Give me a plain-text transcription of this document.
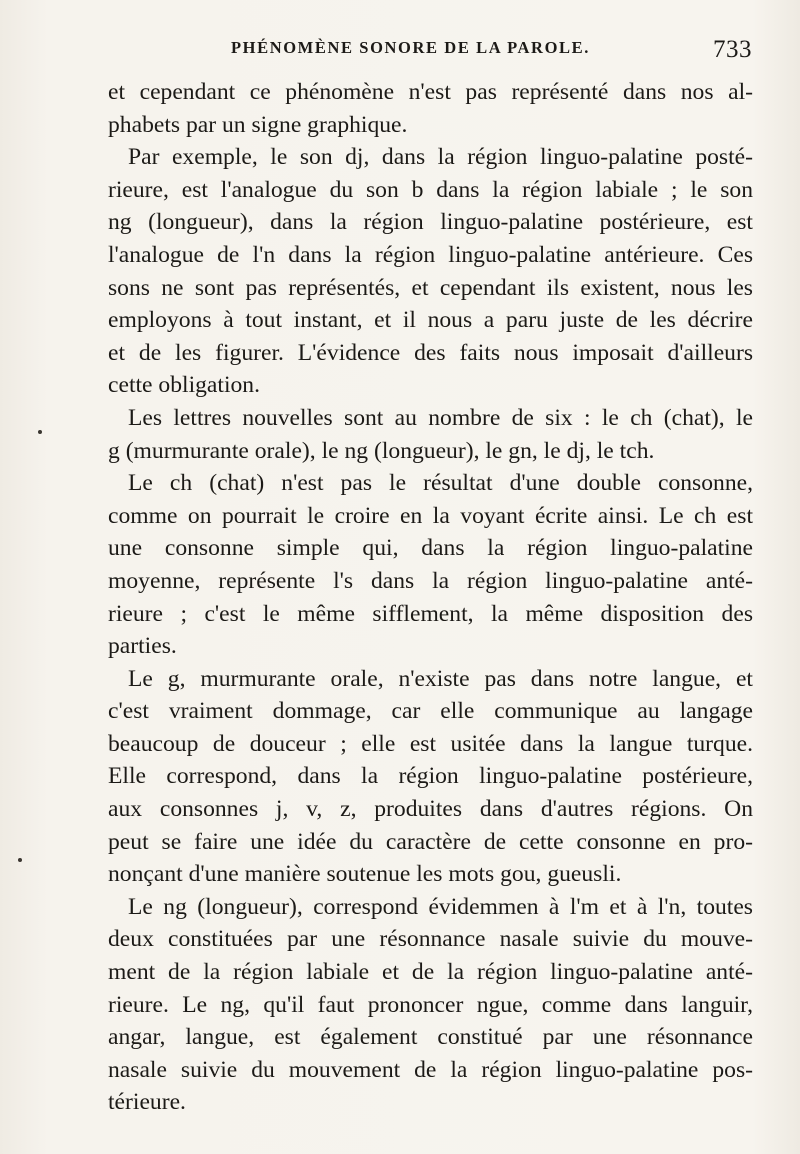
PHÉNOMÈNE SONORE DE LA PAROLE.	733
et cependant ce phénomène n'est pas représenté dans nos al-
phabets par un signe graphique.
Par exemple, le son dj, dans la région linguo-palatine posté-
rieure, est l'analogue du son b dans la région labiale ; le son
ng (longueur), dans la région linguo-palatine postérieure, est
l'analogue de l'n dans la région linguo-palatine antérieure. Ces
sons ne sont pas représentés, et cependant ils existent, nous les
employons à tout instant, et il nous a paru juste de les décrire
et de les figurer. L'évidence des faits nous imposait d'ailleurs
cette obligation.
Les lettres nouvelles sont au nombre de six : le ch (chat), le
g (murmurante orale), le ng (longueur), le gn, le dj, le tch.
Le ch (chat) n'est pas le résultat d'une double consonne,
comme on pourrait le croire en la voyant écrite ainsi. Le ch est
une consonne simple qui, dans la région linguo-palatine
moyenne, représente l's dans la région linguo-palatine anté-
rieure ; c'est le même sifflement, la même disposition des
parties.
Le g, murmurante orale, n'existe pas dans notre langue, et
c'est vraiment dommage, car elle communique au langage
beaucoup de douceur ; elle est usitée dans la langue turque.
Elle correspond, dans la région linguo-palatine postérieure,
aux consonnes j, v, z, produites dans d'autres régions. On
peut se faire une idée du caractère de cette consonne en pro-
nonçant d'une manière soutenue les mots gou, gueusli.
Le ng (longueur), correspond évidemmen à l'm et à l'n, toutes
deux constituées par une résonnance nasale suivie du mouve-
ment de la région labiale et de la région linguo-palatine anté-
rieure. Le ng, qu'il faut prononcer ngue, comme dans languir,
angar, langue, est également constitué par une résonnance
nasale suivie du mouvement de la région linguo-palatine pos-
térieure.
